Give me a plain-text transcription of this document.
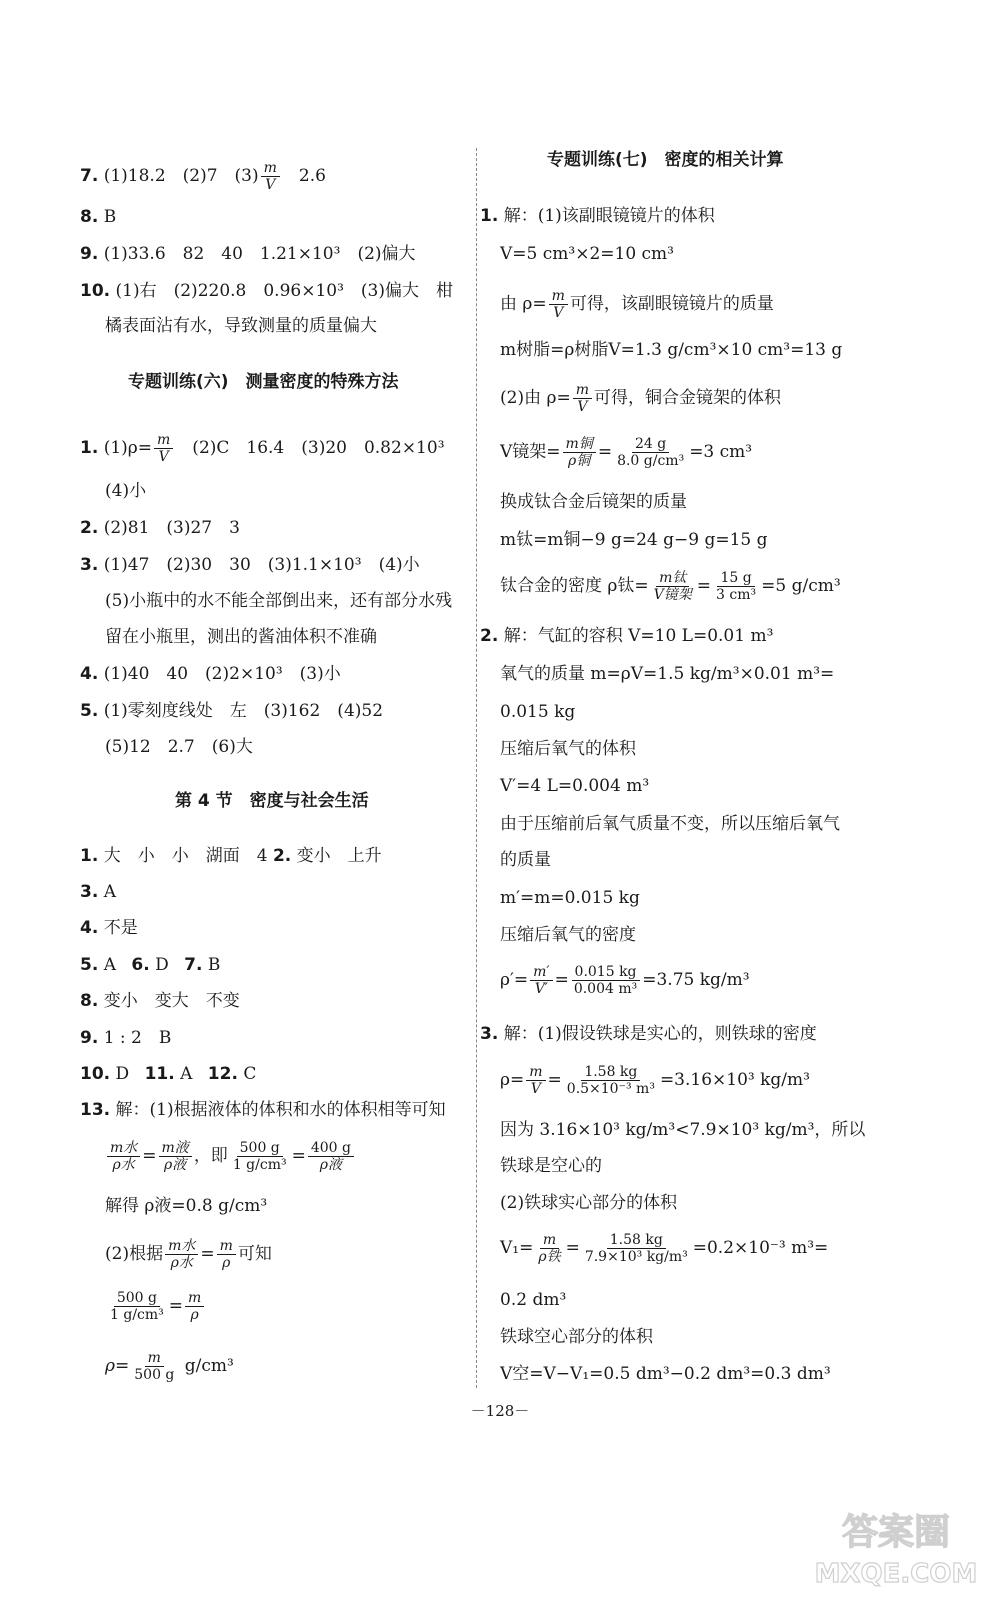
7. (1)18.2　(2)7　$(3) \frac{m}{V}$ 　2.6
8. B
9. (1)33.6　82　40　1.21×10³　(2)偏大
10. (1)右　(2)220.8　0.96×10³　(3)偏大　柑
橘表面沾有水，导致测量的质量偏大
专题训练(六)　测量密度的特殊方法
1. $(1)\rho= \frac{m}{V}$ 　(2)C　16.4　(3)20　0.82×10³
(4)小
2. (2)81　(3)27　3
3. (1)47　(2)30　30　(3)1.1×10³　(4)小
(5)小瓶中的水不能全部倒出来，还有部分水残
留在小瓶里，测出的酱油体积不准确
4. (1)40　40　(2)2×10³　(3)小
5. (1)零刻度线处　左　(3)162　(4)52
(5)12　2.7　(6)大
第 4 节　密度与社会生活
1. 大　小　小　湖面　4 2. 变小　上升
3. A
4. 不是
5. A 6. D 7. B
8. 变小　变大　不变
9. 1 : 2　B
10. D 11. A 12. C
13. 解：(1)根据液体的体积和水的体积相等可知
$\frac{\text{m水}}{\text{ρ水}} = \frac{\text{m液}}{\text{ρ液}}$ ，即 $\frac{500 g}{\text{1 g/cm³}} = \frac{400 g}{\text{ρ液}}$
解得 ρ液=0.8 g/cm³
(2)根据 $\frac{\text{m水}}{\text{ρ水}} = \frac{m}{\rho}$ 可知
$\frac{500 g}{\text{1 g/cm³}} = \frac{m}{\rho}$
$\rho= \frac{m}{500 g} g/cm^3$
专题训练(七)　密度的相关计算
1. 解：(1)该副眼镜镜片的体积
V=5 cm³×2=10 cm³
由 $\rho= \frac{m}{V}$ 可得，该副眼镜镜片的质量
m树脂=ρ树脂V=1.3 g/cm³×10 cm³=13 g
(2)由 $\rho= \frac{m}{V}$ 可得，铜合金镜架的体积
V镜架= $\frac{\text{m铜}}{\text{ρ铜}} = \frac{24 g}{\text{8.0 g/cm³}} =3$ cm³
换成钛合金后镜架的质量
m钛=m铜−9 g=24 g−9 g=15 g
钛合金的密度 ρ钛= $\frac{\text{m钛}}{\text{V镜架}} = \frac{15 g}{\text{3 cm³}} =5$ g/cm³
2. 解：气缸的容积 V=10 L=0.01 m³
氧气的质量 m=ρV=1.5 kg/m³×0.01 m³=
0.015 kg
压缩后氧气的体积
V′=4 L=0.004 m³
由于压缩前后氧气质量不变，所以压缩后氧气
的质量
m′=m=0.015 kg
压缩后氧气的密度
$\rho'= \frac{m'}{V'} = \frac{0.015 kg}{\text{0.004 m³}} =3.75$ kg/m³
3. 解：(1)假设铁球是实心的，则铁球的密度
$\rho= \frac{m}{V} = \frac{1.58 kg}{\text{0.5×10⁻³ m³}} =3.16\times 10^3$ kg/m³
因为 3.16×10³ kg/m³<7.9×10³ kg/m³，所以
铁球是空心的
(2)铁球实心部分的体积
$V_1= \frac{m}{\text{ρ铁}} = \frac{1.58 kg}{\text{7.9×10³ kg/m³}} =0.2\times 10^{-3}$ m³=
0.2 dm³
铁球空心部分的体积
V空=V−V₁=0.5 dm³−0.2 dm³=0.3 dm³
－128－
答案圈
MXQE.COM
